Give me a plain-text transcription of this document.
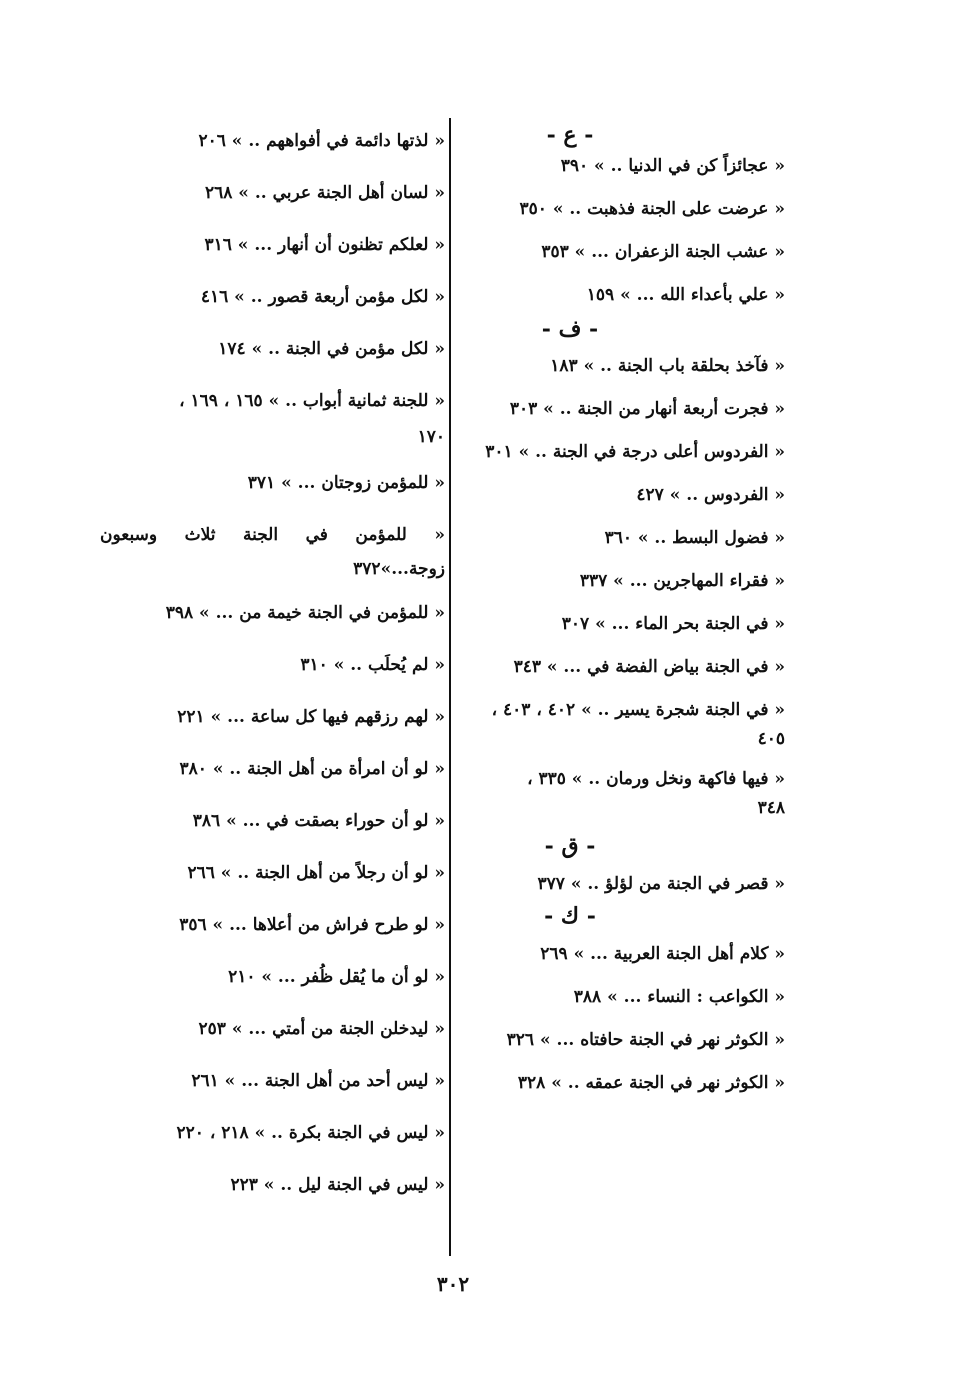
- ع -
« عجائزاً كن في الدنيا .. » ٣٩٠
« عرضت على الجنة فذهبت .. » ٣٥٠
« عشب الجنة الزعفران ... » ٣٥٣
« علي بأعداء الله ... » ١٥٩
- ف -
« فآخذ بحلقة باب الجنة .. » ١٨٣
« فجرت أربعة أنهار من الجنة .. » ٣٠٣
« الفردوس أعلى درجة في الجنة .. » ٣٠١
« الفردوس .. » ٤٢٧
« فضول البسط .. » ٣٦٠
« فقراء المهاجرين ... » ٣٣٧
« في الجنة بحر الماء ... » ٣٠٧
« في الجنة بياض الفضة في ... » ٣٤٣
« في الجنة شجرة يسير .. » ٤٠٢ ، ٤٠٣ ،
٤٠٥
« فيها فاكهة ونخل ورمان .. » ٣٣٥ ،
٣٤٨
- ق -
« قصر في الجنة من لؤلؤ .. » ٣٧٧
- ك -
« كلام أهل الجنة العربية ... » ٢٦٩
« الكواعب : النساء ... » ٣٨٨
« الكوثر نهر في الجنة حافتاه ... » ٣٢٦
« الكوثر نهر في الجنة عمقه .. » ٣٢٨
« لذتها دائمة في أفواههم .. » ٢٠٦
« لسان أهل الجنة عربي .. » ٢٦٨
« لعلكم تظنون أن أنهار ... » ٣١٦
« لكل مؤمن أربعة قصور .. » ٤١٦
« لكل مؤمن في الجنة .. » ١٧٤
« للجنة ثمانية أبواب .. » ١٦٥ ، ١٦٩ ،
١٧٠
« للمؤمن زوجتان ... » ٣٧١
« للمؤمن في الجنة ثلاث وسبعون
زوجة...»٣٧٢
« للمؤمن في الجنة خيمة من ... » ٣٩٨
« لم يُحلَب .. » ٣١٠
« لهم رزقهم فيها كل ساعة ... » ٢٢١
« لو أن امرأة من أهل الجنة .. » ٣٨٠
« لو أن حوراء بصقت في ... » ٣٨٦
« لو أن رجلاً من أهل الجنة .. » ٢٦٦
« لو طرح فراش من أعلاها ... » ٣٥٦
« لو أن ما يُقل ظُفر ... » ٢١٠
« ليدخلن الجنة من أمتي ... » ٢٥٣
« ليس أحد من أهل الجنة ... » ٢٦١
« ليس في الجنة بكرة .. » ٢١٨ ، ٢٢٠
« ليس في الجنة ليل .. » ٢٢٣
٣٠٢
